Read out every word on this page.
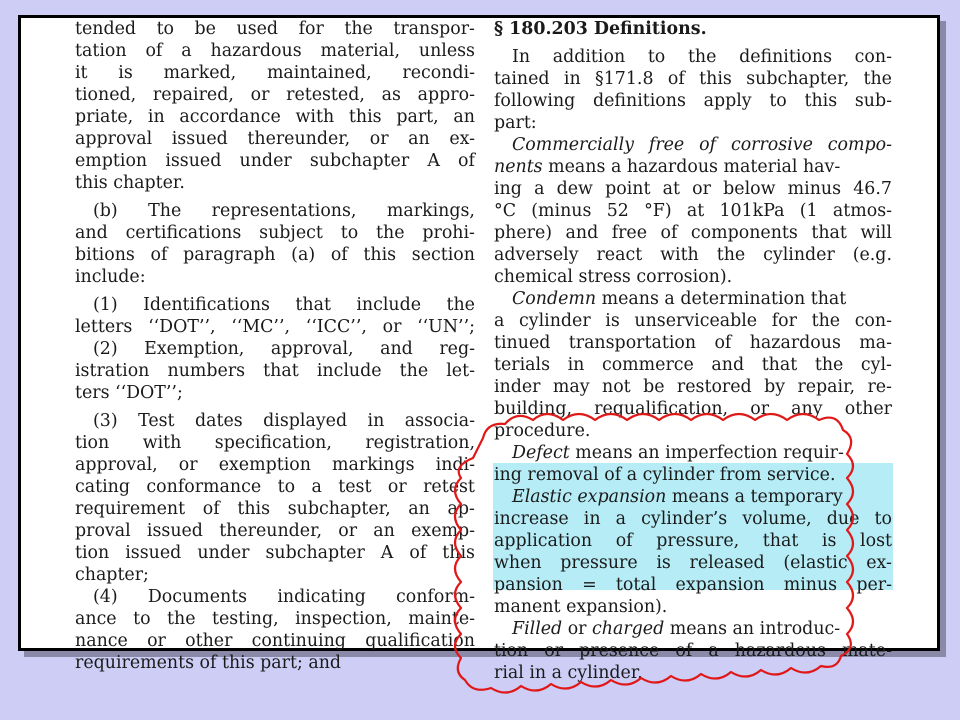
tended to be used for the transpor-
tation of a hazardous material, unless
it is marked, maintained, recondi-
tioned, repaired, or retested, as appro-
priate, in accordance with this part, an
approval issued thereunder, or an ex-
emption issued under subchapter A of
this chapter.
(b) The representations, markings,
and certifications subject to the prohi-
bitions of paragraph (a) of this section
include:
(1) Identifications that include the
letters ‘‘DOT’’, ‘‘MC’’, ‘‘ICC’’, or ‘‘UN’’;
(2) Exemption, approval, and reg-
istration numbers that include the let-
ters ‘‘DOT’’;
(3) Test dates displayed in associa-
tion with specification, registration,
approval, or exemption markings indi-
cating conformance to a test or retest
requirement of this subchapter, an ap-
proval issued thereunder, or an exemp-
tion issued under subchapter A of this
chapter;
(4) Documents indicating conform-
ance to the testing, inspection, mainte-
nance or other continuing qualification
requirements of this part; and
§ 180.203 Definitions.
In addition to the definitions con-
tained in §171.8 of this subchapter, the
following definitions apply to this sub-
part:
Commercially free of corrosive compo-
nents means a hazardous material hav-
ing a dew point at or below minus 46.7
°C (minus 52 °F) at 101kPa (1 atmos-
phere) and free of components that will
adversely react with the cylinder (e.g.
chemical stress corrosion).
Condemn means a determination that
a cylinder is unserviceable for the con-
tinued transportation of hazardous ma-
terials in commerce and that the cyl-
inder may not be restored by repair, re-
building, requalification, or any other
procedure.
Defect means an imperfection requir-
ing removal of a cylinder from service.
Elastic expansion means a temporary
increase in a cylinder’s volume, due to
application of pressure, that is lost
when pressure is released (elastic ex-
pansion = total expansion minus per-
manent expansion).
Filled or charged means an introduc-
tion or presence of a hazardous mate-
rial in a cylinder.
